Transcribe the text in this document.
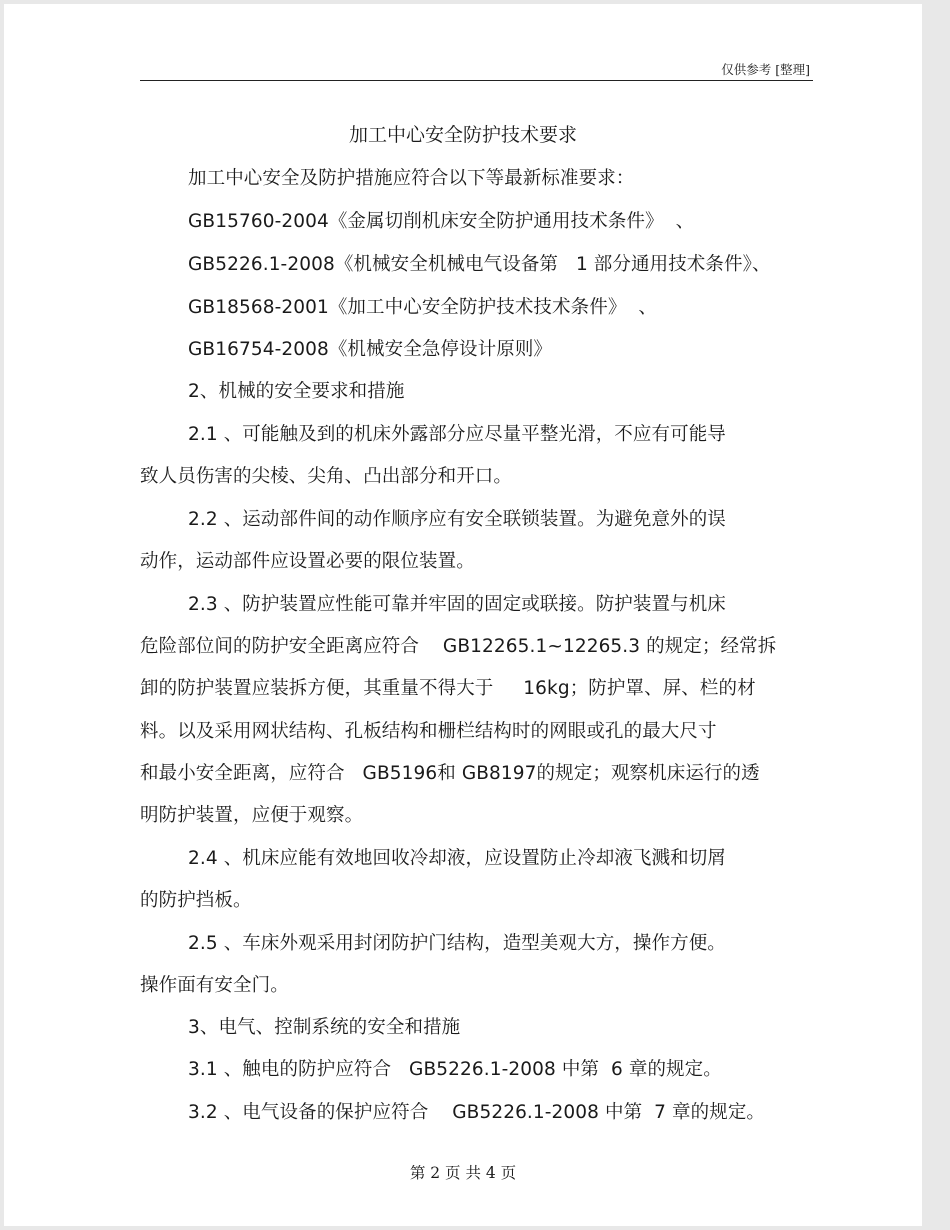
仅供参考 [整理]
加工中心安全防护技术要求
加工中心安全及防护措施应符合以下等最新标准要求：
GB15760-2004《金属切削机床安全防护通用技术条件》  、
GB5226.1-2008《机械安全机械电气设备第   1 部分通用技术条件》、
GB18568-2001《加工中心安全防护技术技术条件》  、
GB16754-2008《机械安全急停设计原则》
2、机械的安全要求和措施
2.1 、可能触及到的机床外露部分应尽量平整光滑，不应有可能导
致人员伤害的尖棱、尖角、凸出部分和开口。
2.2 、运动部件间的动作顺序应有安全联锁装置。为避免意外的误
动作，运动部件应设置必要的限位装置。
2.3 、防护装置应性能可靠并牢固的固定或联接。防护装置与机床
危险部位间的防护安全距离应符合    GB12265.1~12265.3 的规定；经常拆
卸的防护装置应装拆方便，其重量不得大于     16kg；防护罩、屏、栏的材
料。以及采用网状结构、孔板结构和栅栏结构时的网眼或孔的最大尺寸
和最小安全距离，应符合   GB5196和 GB8197的规定；观察机床运行的透
明防护装置，应便于观察。
2.4 、机床应能有效地回收冷却液，应设置防止冷却液飞溅和切屑
的防护挡板。
2.5 、车床外观采用封闭防护门结构，造型美观大方，操作方便。
操作面有安全门。
3、电气、控制系统的安全和措施
3.1 、触电的防护应符合   GB5226.1-2008 中第  6 章的规定。
3.2 、电气设备的保护应符合    GB5226.1-2008 中第  7 章的规定。
第 2 页 共 4 页
